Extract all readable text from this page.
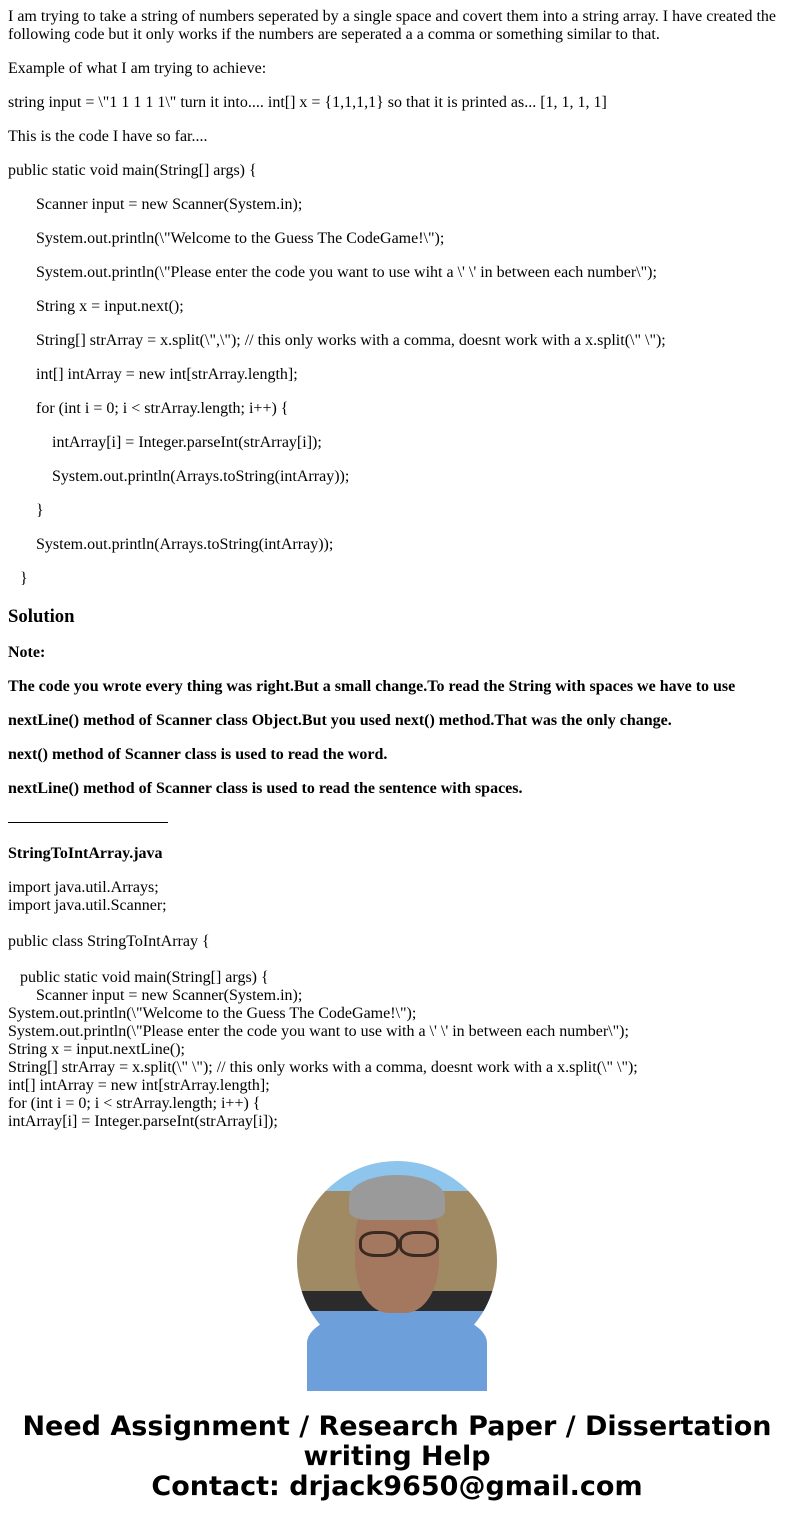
I am trying to take a string of numbers seperated by a single space and covert them into a string array. I have created the following code but it only works if the numbers are seperated a a comma or something similar to that.

Example of what I am trying to achieve:

string input = \"1 1 1 1 1\" turn it into.... int[] x = {1,1,1,1} so that it is printed as... [1, 1, 1, 1]

This is the code I have so far....

public static void main(String[] args) {
Scanner input = new Scanner(System.in);
System.out.println(\"Welcome to the Guess The CodeGame!\");
System.out.println(\"Please enter the code you want to use wiht a \' \' in between each number\");
String x = input.next();
String[] strArray = x.split(\",\"); // this only works with a comma, doesnt work with a x.split(\" \");
int[] intArray = new int[strArray.length];
for (int i = 0; i < strArray.length; i++) {
intArray[i] = Integer.parseInt(strArray[i]);
System.out.println(Arrays.toString(intArray));
}
System.out.println(Arrays.toString(intArray));
}
Solution

Note:

The code you wrote every thing was right.But a small change.To read the String with spaces we have to use

nextLine() method of Scanner class Object.But you used next() method.That was the only change.

next() method of Scanner class is used to read the word.

nextLine() method of Scanner class is used to read the sentence with spaces.

StringToIntArray.java

import java.util.Arrays;
import java.util.Scanner;
public class StringToIntArray {
public static void main(String[] args) {
Scanner input = new Scanner(System.in);
System.out.println(\"Welcome to the Guess The CodeGame!\");
System.out.println(\"Please enter the code you want to use with a \' \' in between each number\");
String x = input.nextLine();
String[] strArray = x.split(\" \"); // this only works with a comma, doesnt work with a x.split(\" \");
int[] intArray = new int[strArray.length];
for (int i = 0; i < strArray.length; i++) {
intArray[i] = Integer.parseInt(strArray[i]);
Need Assignment / Research Paper / Dissertation
writing Help
Contact: drjack9650@gmail.com
